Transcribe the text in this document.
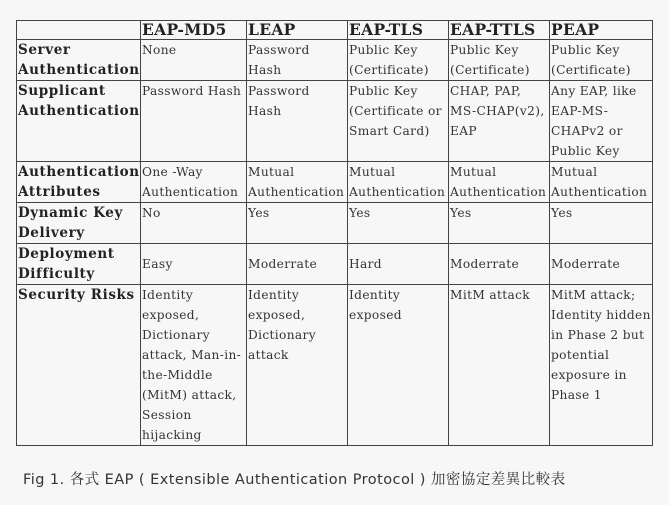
	EAP-MD5	LEAP	EAP-TLS	EAP-TTLS	PEAP
Server Authentication	None	Password Hash	Public Key (Certificate)	Public Key (Certificate)	Public Key (Certificate)
Supplicant Authentication	Password Hash	Password Hash	Public Key (Certificate or Smart Card)	CHAP, PAP, MS-CHAP(v2), EAP	Any EAP, like EAP-MS-CHAPv2 or Public Key
Authentication Attributes	One -Way Authentication	Mutual Authentication	Mutual Authentication	Mutual Authentication	Mutual Authentication
Dynamic Key Delivery	No	Yes	Yes	Yes	Yes
Deployment Difficulty	Easy	Moderrate	Hard	Moderrate	Moderrate
Security Risks	Identity exposed, Dictionary attack, Man-in-the-Middle (MitM) attack, Session hijacking	Identity exposed, Dictionary attack	Identity exposed	MitM attack	MitM attack; Identity hidden in Phase 2 but potential exposure in Phase 1
Fig 1. 各式 EAP ( Extensible Authentication Protocol ) 加密協定差異比較表
